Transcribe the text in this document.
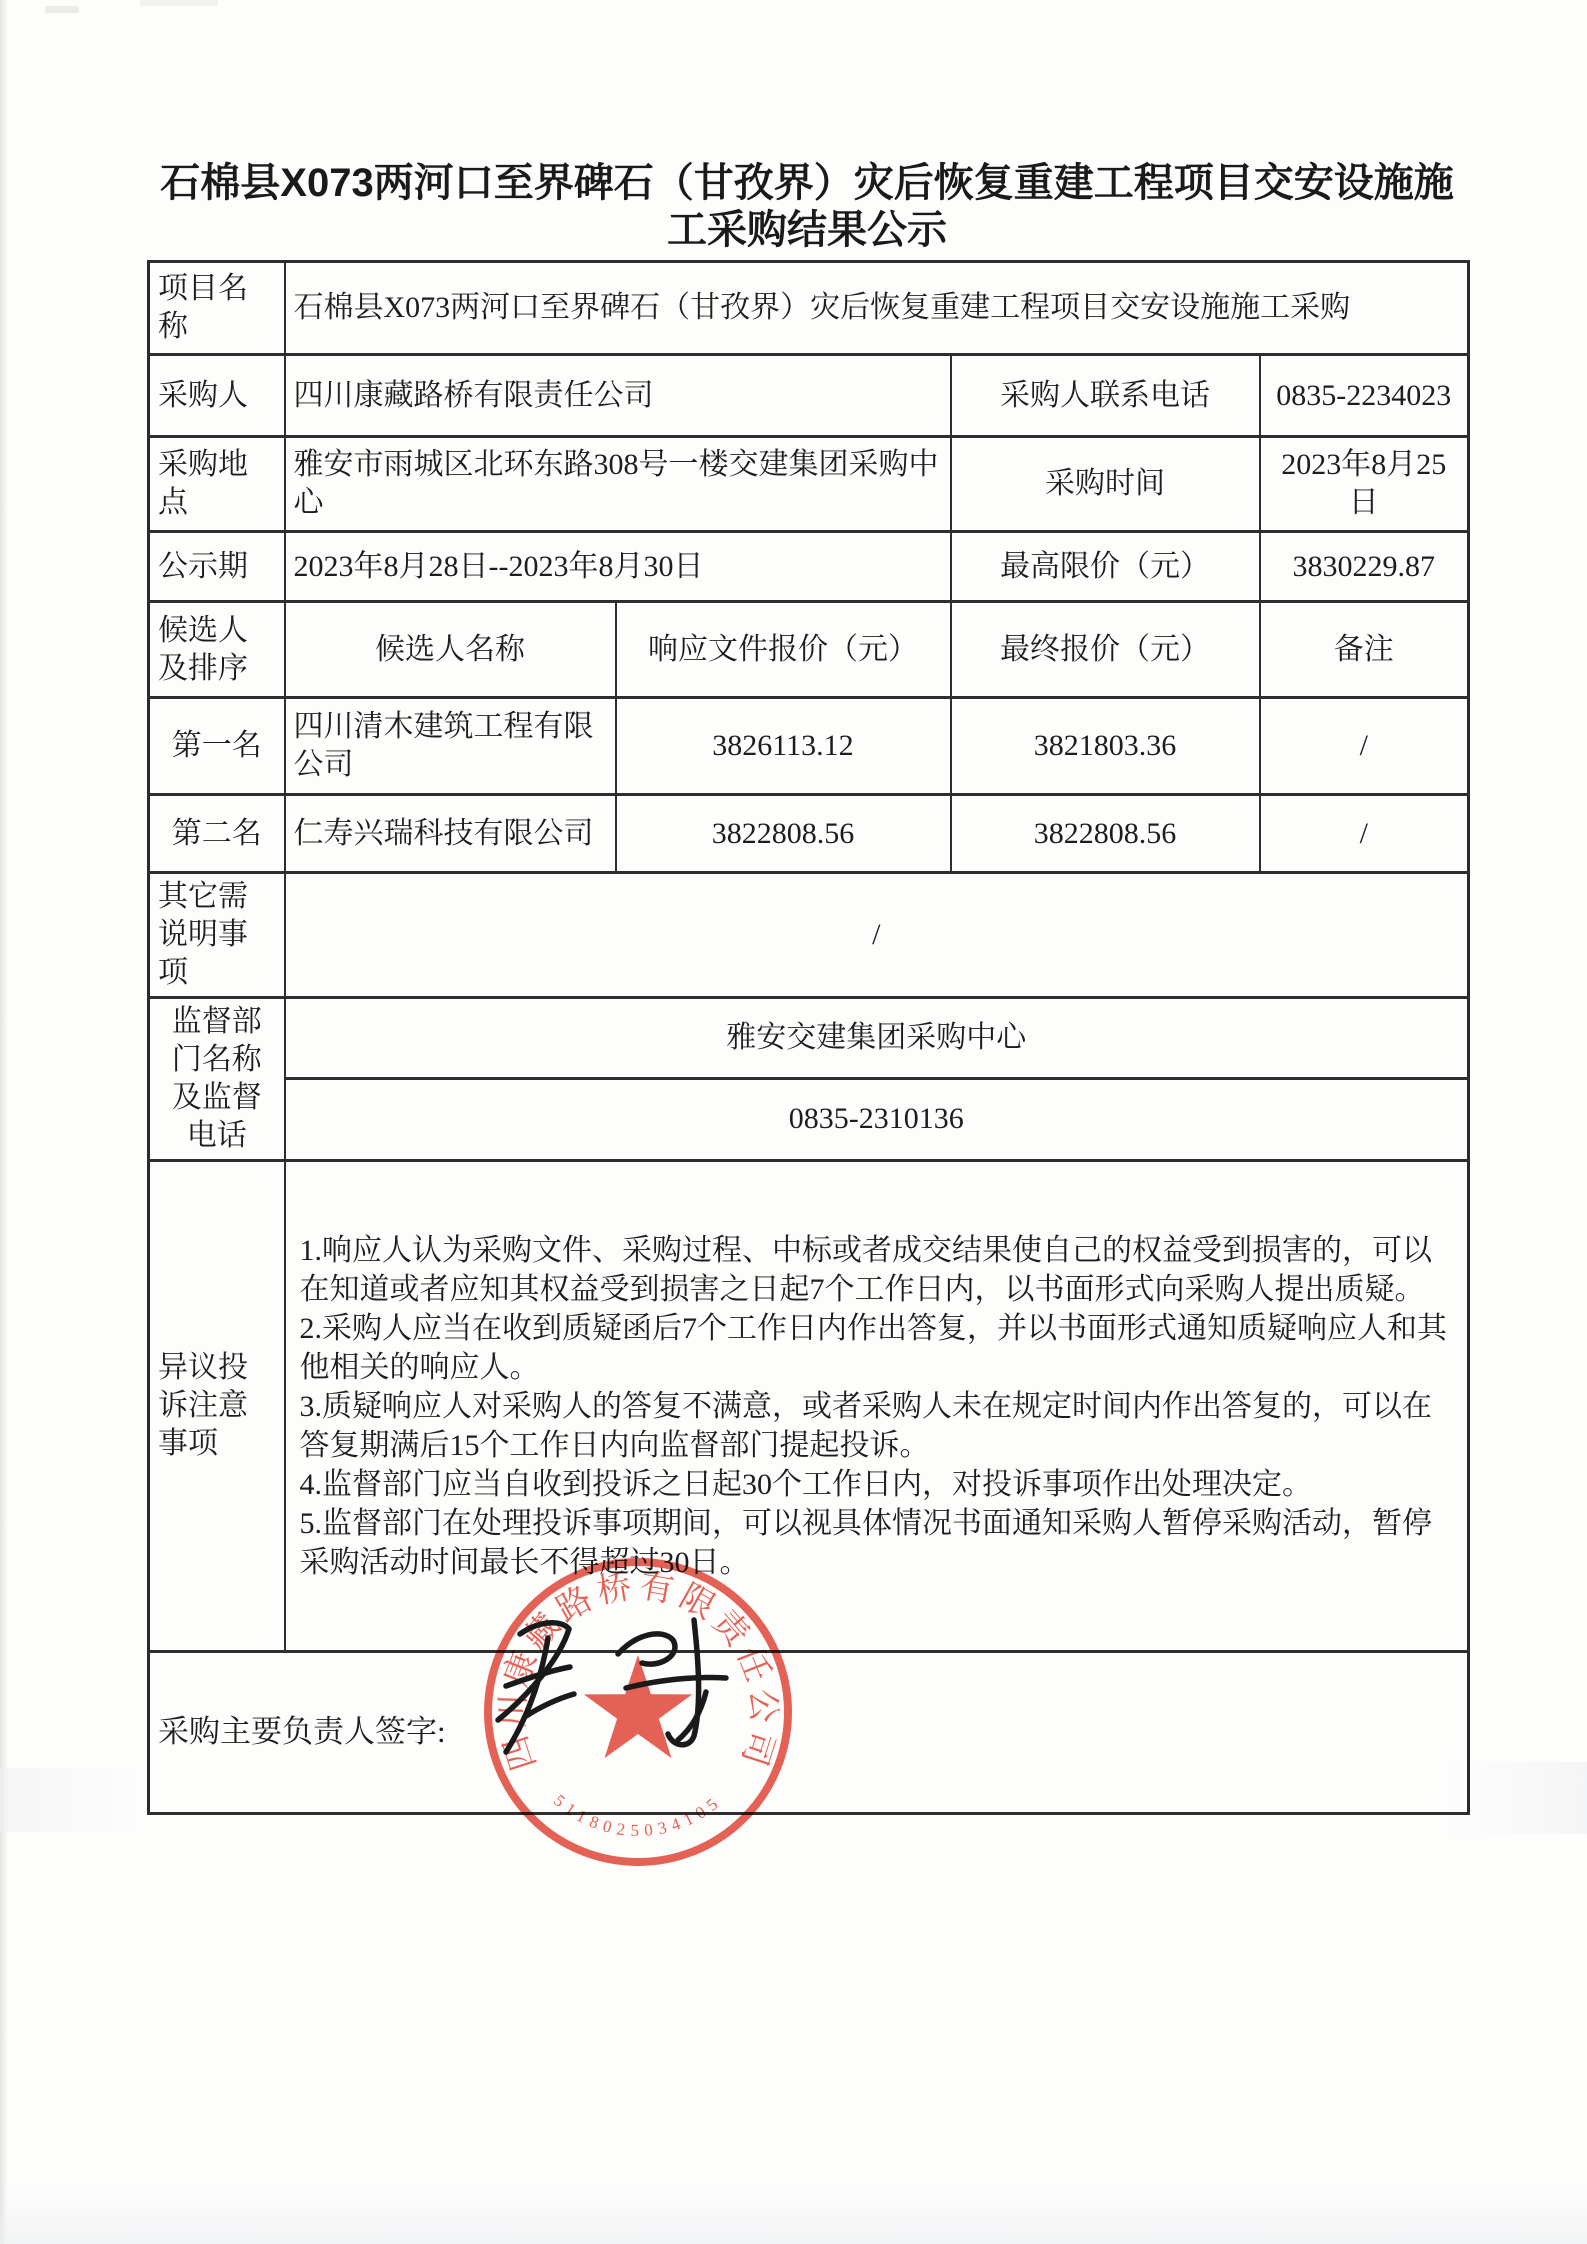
石棉县X073两河口至界碑石（甘孜界）灾后恢复重建工程项目交安设施施
工采购结果公示
项目名称	石棉县X073两河口至界碑石（甘孜界）灾后恢复重建工程项目交安设施施工采购			
采购人	四川康藏路桥有限责任公司		采购人联系电话	0835-2234023
采购地点	雅安市雨城区北环东路308号一楼交建集团采购中心		采购时间	2023年8月25日
公示期	2023年8月28日--2023年8月30日		最高限价（元）	3830229.87
候选人及排序	候选人名称	响应文件报价（元）	最终报价（元）	备注
第一名	四川清木建筑工程有限公司	3826113.12	3821803.36	/
第二名	仁寿兴瑞科技有限公司	3822808.56	3822808.56	/
其它需说明事项	/			
监督部门名称及监督电话	雅安交建集团采购中心			
	0835-2310136			
异议投诉注意事项	1.响应人认为采购文件、采购过程、中标或者成交结果使自己的权益受到损害的，可以在知道或者应知其权益受到损害之日起7个工作日内，以书面形式向采购人提出质疑。

2.采购人应当在收到质疑函后7个工作日内作出答复，并以书面形式通知质疑响应人和其他相关的响应人。

3.质疑响应人对采购人的答复不满意，或者采购人未在规定时间内作出答复的，可以在答复期满后15个工作日内向监督部门提起投诉。

4.监督部门应当自收到投诉之日起30个工作日内，对投诉事项作出处理决定。

5.监督部门在处理投诉事项期间，可以视具体情况书面通知采购人暂停采购活动，暂停采购活动时间最长不得超过30日。			

采购主要负责人签字:				四川康藏路桥有限责任公司
5118025034105
